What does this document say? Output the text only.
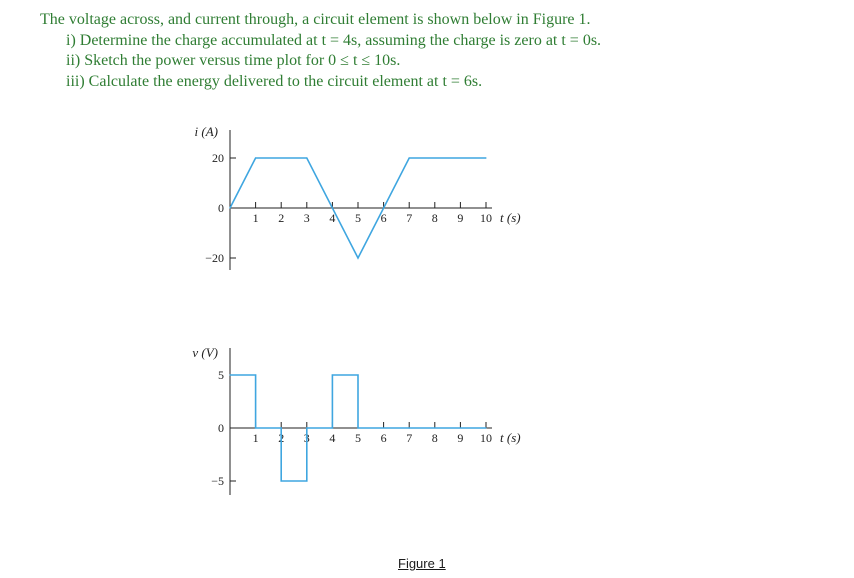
The voltage across, and current through, a circuit element is shown below in Figure 1.
i) Determine the charge accumulated at t = 4s, assuming the charge is zero at t = 0s.
ii) Sketch the power versus time plot for 0 ≤ t ≤ 10s.
iii) Calculate the energy delivered to the circuit element at t = 6s.
i (A)
20
0
−20
1 2 3 4 5 6 7 8 9 10 t (s)
v (V)
5
0
−5
1 2 3 4 5 6 7 8 9 10 t (s)
Figure 1
